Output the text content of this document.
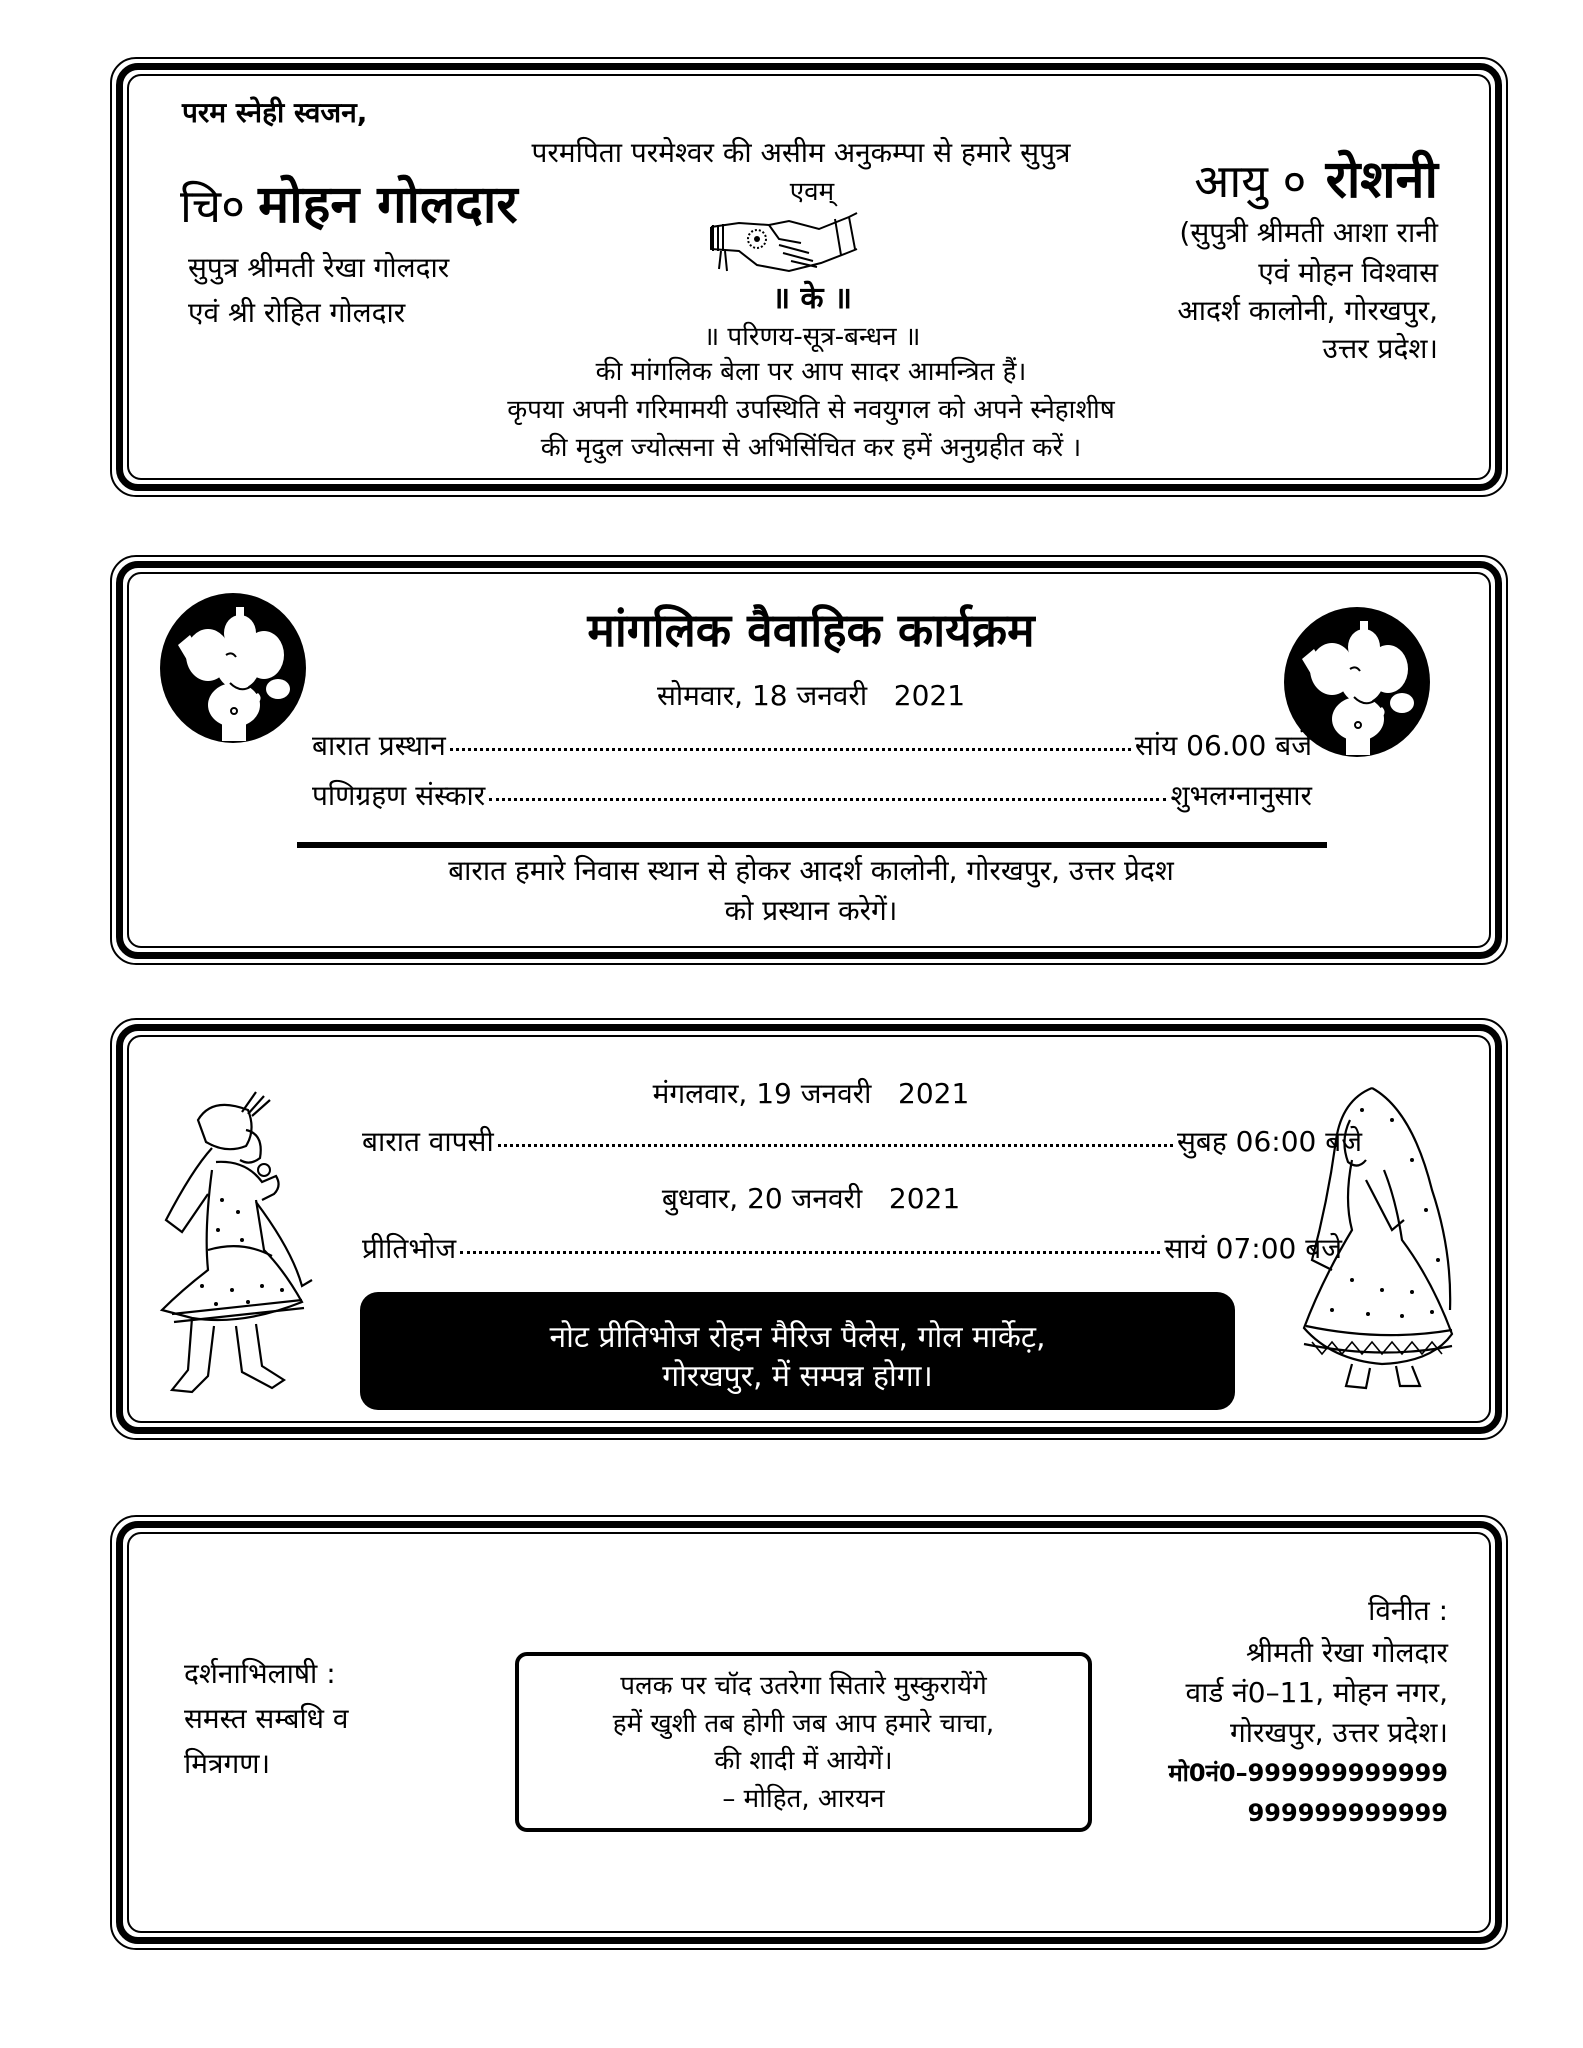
परम स्नेही स्वजन,
परमपिता परमेश्वर की असीम अनुकम्पा से हमारे सुपुत्र
चि० मोहन गोलदार
सुपुत्र श्रीमती रेखा गोलदार
एवं श्री रोहित गोलदार
एवम्
॥ के ॥
॥ परिणय-सूत्र-बन्धन ॥
आयु ० रोशनी
(सुपुत्री श्रीमती आशा रानी
एवं मोहन विश्वास
आदर्श कालोनी, गोरखपुर,
उत्तर प्रदेश।
की मांगलिक बेला पर आप सादर आमन्त्रित हैं।
कृपया अपनी गरिमामयी उपस्थिति से नवयुगल को अपने स्नेहाशीष
की मृदुल ज्योत्सना से अभिसिंचित कर हमें अनुग्रहीत करें ।
मांगलिक वैवाहिक कार्यक्रम
सोमवार, 18 जनवरी   2021
बारात प्रस्थान	सांय 06.00 बजे
पणिग्रहण संस्कार	शुभलग्नानुसार
बारात हमारे निवास स्थान से होकर आदर्श कालोनी, गोरखपुर, उत्तर प्रेदश
को प्रस्थान करेगें।
मंगलवार, 19 जनवरी   2021
बारात वापसी	सुबह 06:00 बजे
बुधवार, 20 जनवरी   2021
प्रीतिभोज	सायं 07:00 बजे
नोट प्रीतिभोज रोहन मैरिज पैलेस, गोल मार्केट़,
गोरखपुर, में सम्पन्न होगा।
दर्शनाभिलाषी :
समस्त सम्बधि व
मित्रगण।
पलक पर चॉद उतरेगा सितारे मुस्कुरायेंगे
हमें खुशी तब होगी जब आप हमारे चाचा,
की शादी में आयेगें।
– मोहित, आरयन
विनीत :
श्रीमती रेखा गोलदार
वार्ड नं0–11, मोहन नगर,
गोरखपुर, उत्तर प्रदेश।
मो0नं0–999999999999
999999999999
